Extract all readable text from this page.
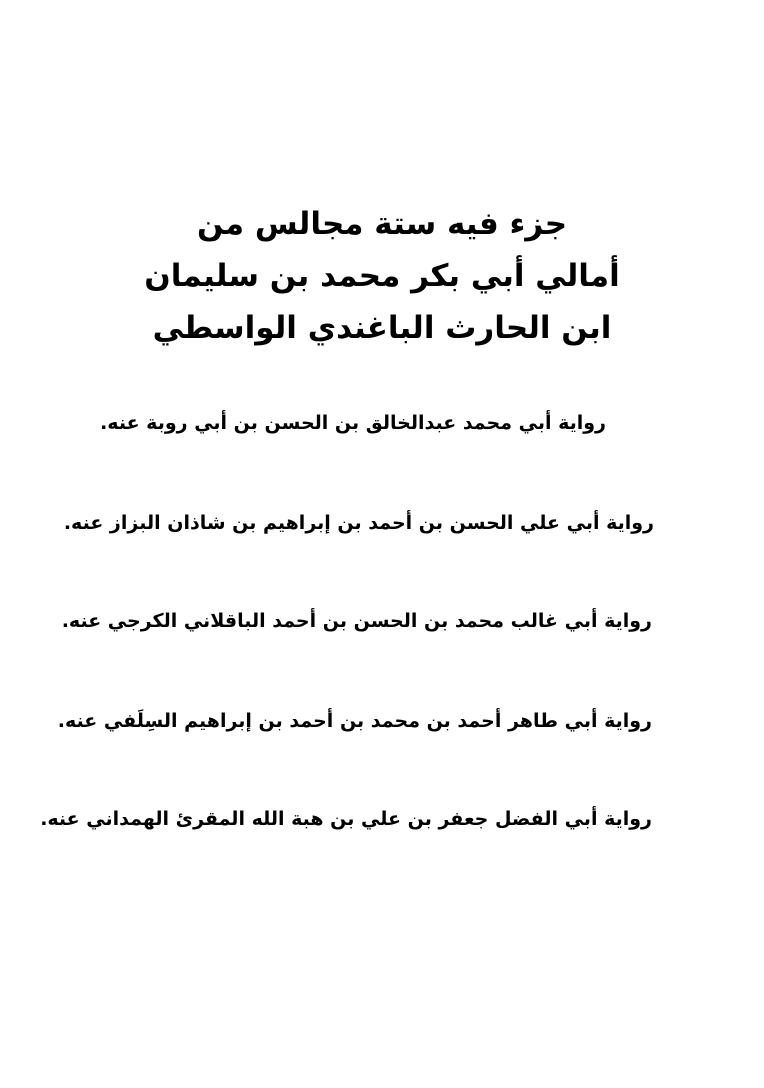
جزء فيه ستة مجالس من
أمالي أبي بكر محمد بن سليمان
ابن الحارث الباغندي الواسطي
رواية أبي محمد عبدالخالق بن الحسن بن أبي روبة عنه.
رواية أبي علي الحسن بن أحمد بن إبراهيم بن شاذان البزاز عنه.
رواية أبي غالب محمد بن الحسن بن أحمد الباقلاني الكرجي عنه.
رواية أبي طاهر أحمد بن محمد بن أحمد بن إبراهيم السِلَفي عنه.
رواية أبي الفضل جعفر بن علي بن هبة الله المقرئ الهمداني عنه.
